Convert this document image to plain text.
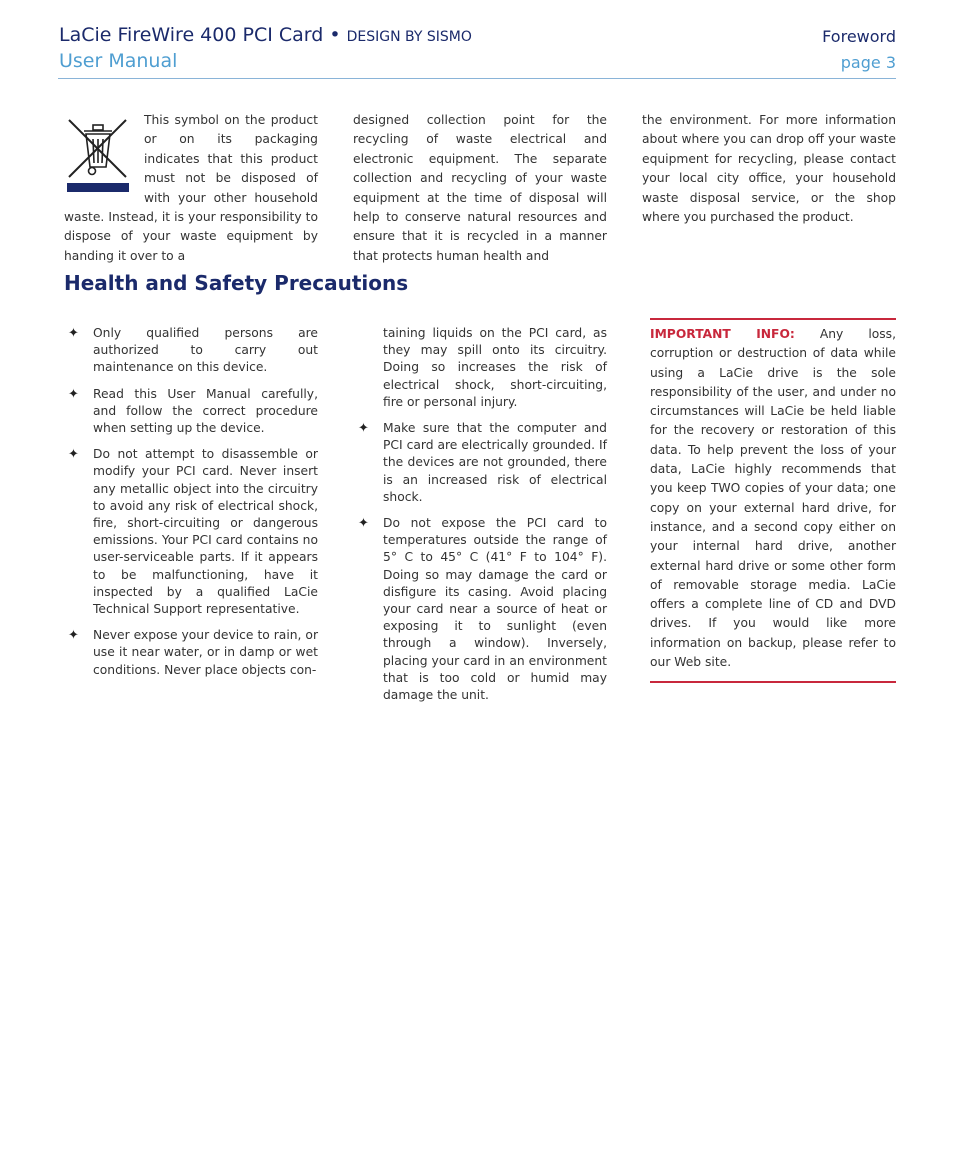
LaCie FireWire 400 PCI Card • DESIGN BY SISMO
User Manual
Foreword
page 3

This symbol on the product or on its packaging indicates that this product must not be disposed of with your other household waste. Instead, it is your responsibility to dispose of your waste equipment by handing it over to a

designed collection point for the recycling of waste electrical and electronic equipment. The separate collection and recycling of your waste equipment at the time of disposal will help to conserve natural resources and ensure that it is recycled in a manner that protects human health and

the environment. For more information about where you can drop off your waste equipment for recycling, please contact your local city office, your household waste disposal service, or the shop where you purchased the product.

Health and Safety Precautions
✦ Only qualified persons are authorized to carry out maintenance on this device.
✦ Read this User Manual carefully, and follow the correct procedure when setting up the device.
✦ Do not attempt to disassemble or modify your PCI card. Never insert any metallic object into the circuitry to avoid any risk of electrical shock, fire, short-circuiting or dangerous emissions. Your PCI card contains no user-serviceable parts. If it appears to be malfunctioning, have it inspected by a qualified LaCie Technical Support representative.
✦ Never expose your device to rain, or use it near water, or in damp or wet conditions. Never place objects con-
taining liquids on the PCI card, as they may spill onto its circuitry. Doing so increases the risk of electrical shock, short-circuiting, fire or personal injury.
✦ Make sure that the computer and PCI card are electrically grounded. If the devices are not grounded, there is an increased risk of electrical shock.
✦ Do not expose the PCI card to temperatures outside the range of 5° C to 45° C (41° F to 104° F). Doing so may damage the card or disfigure its casing. Avoid placing your card near a source of heat or exposing it to sunlight (even through a window). Inversely, placing your card in an environment that is too cold or humid may damage the unit.

IMPORTANT INFO: Any loss, corruption or destruction of data while using a LaCie drive is the sole responsibility of the user, and under no circumstances will LaCie be held liable for the recovery or restoration of this data. To help prevent the loss of your data, LaCie highly recommends that you keep TWO copies of your data; one copy on your external hard drive, for instance, and a second copy either on your internal hard drive, another external hard drive or some other form of removable storage media. LaCie offers a complete line of CD and DVD drives. If you would like more information on backup, please refer to our Web site.
